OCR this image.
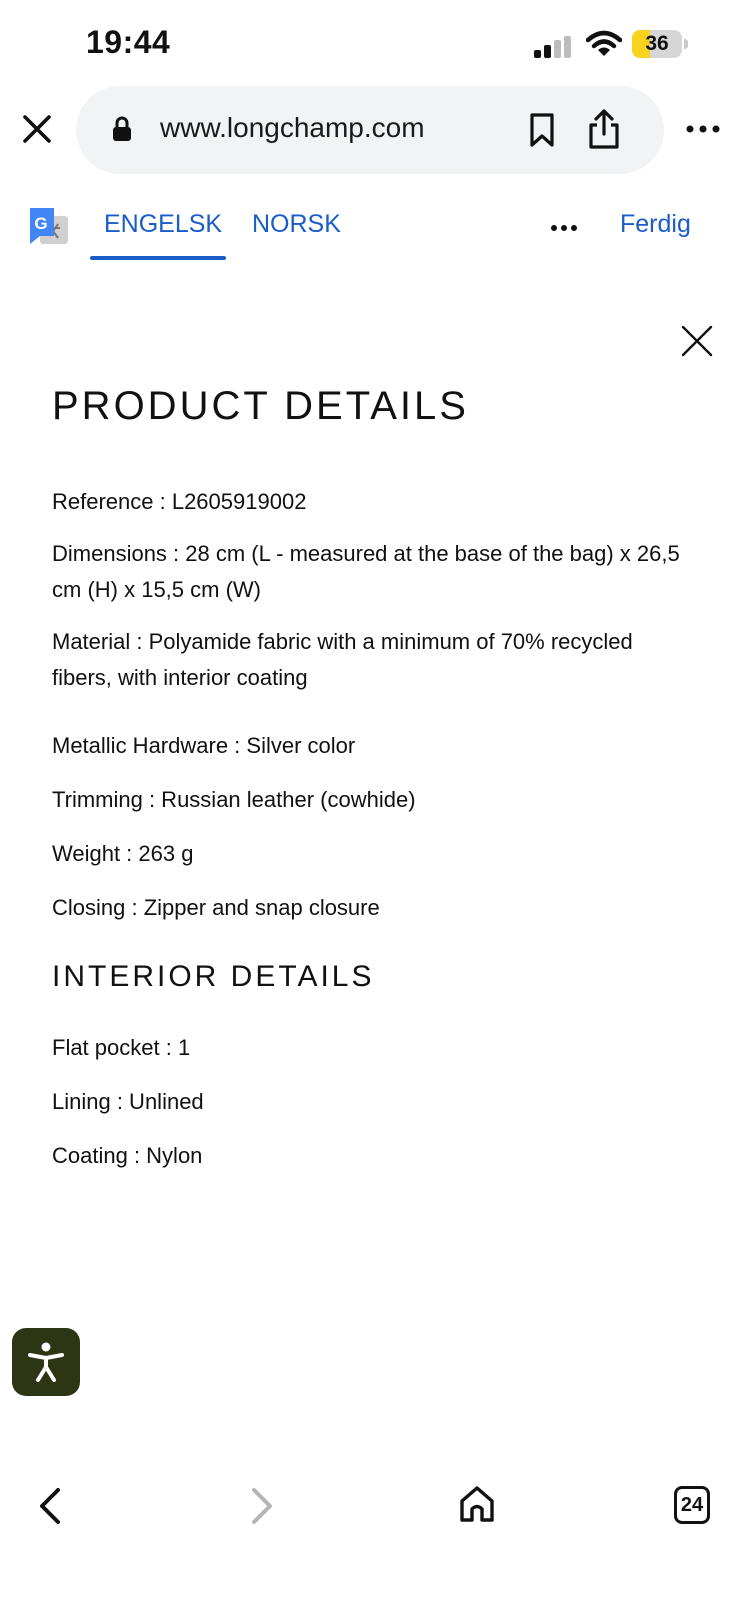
19:44	36
www.longchamp.com
G ENGELSK NORSK	Ferdig
PRODUCT DETAILS
Reference : L2605919002
Dimensions : 28 cm (L - measured at the base of the bag) x 26,5 cm (H) x 15,5 cm (W)
Material : Polyamide fabric with a minimum of 70% recycled fibers, with interior coating
Metallic Hardware : Silver color
Trimming : Russian leather (cowhide)
Weight : 263 g
Closing : Zipper and snap closure
INTERIOR DETAILS
Flat pocket : 1
Lining : Unlined
Coating : Nylon
24
